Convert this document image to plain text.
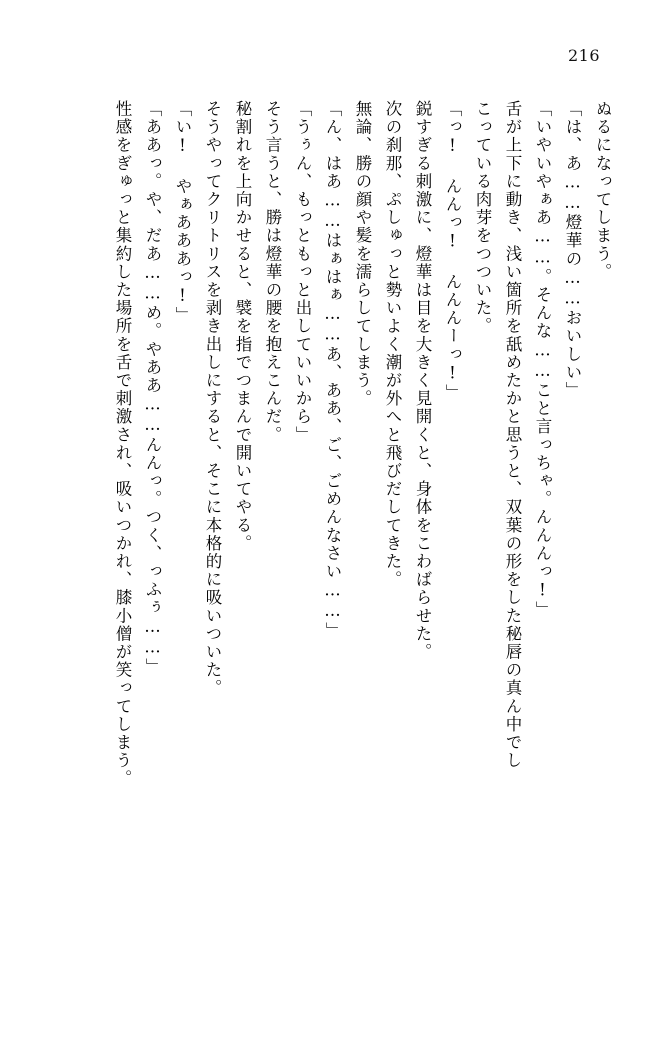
216
ぬるになってしまう。
「は、あ……燈華の……おいしい」
「いやいやぁあ……。そんな……こと言っちゃ。んんんっ!」
舌が上下に動き、浅い箇所を舐めたかと思うと、双葉の形をした秘唇の真ん中でし
こっている肉芽をつついた。
「っ! んんっ! んんんーっ!」
鋭すぎる刺激に、燈華は目を大きく見開くと、身体をこわばらせた。
次の刹那、ぷしゅっと勢いよく潮が外へと飛びだしてきた。
無論、勝の顔や髪を濡らしてしまう。
「ん、はあ……はぁはぁ……あ、ああ、ご、ごめんなさい……」
「うぅん、もっともっと出していいから」
そう言うと、勝は燈華の腰を抱えこんだ。
秘割れを上向かせると、襞を指でつまんで開いてやる。
そうやってクリトリスを剥き出しにすると、そこに本格的に吸いついた。
「い! やぁあああっ!」
「ああっ。や、だあ……め。やああ……んんっ。つく、っふぅ……」
性感をぎゅっと集約した場所を舌で刺激され、吸いつかれ、膝小僧が笑ってしまう。
